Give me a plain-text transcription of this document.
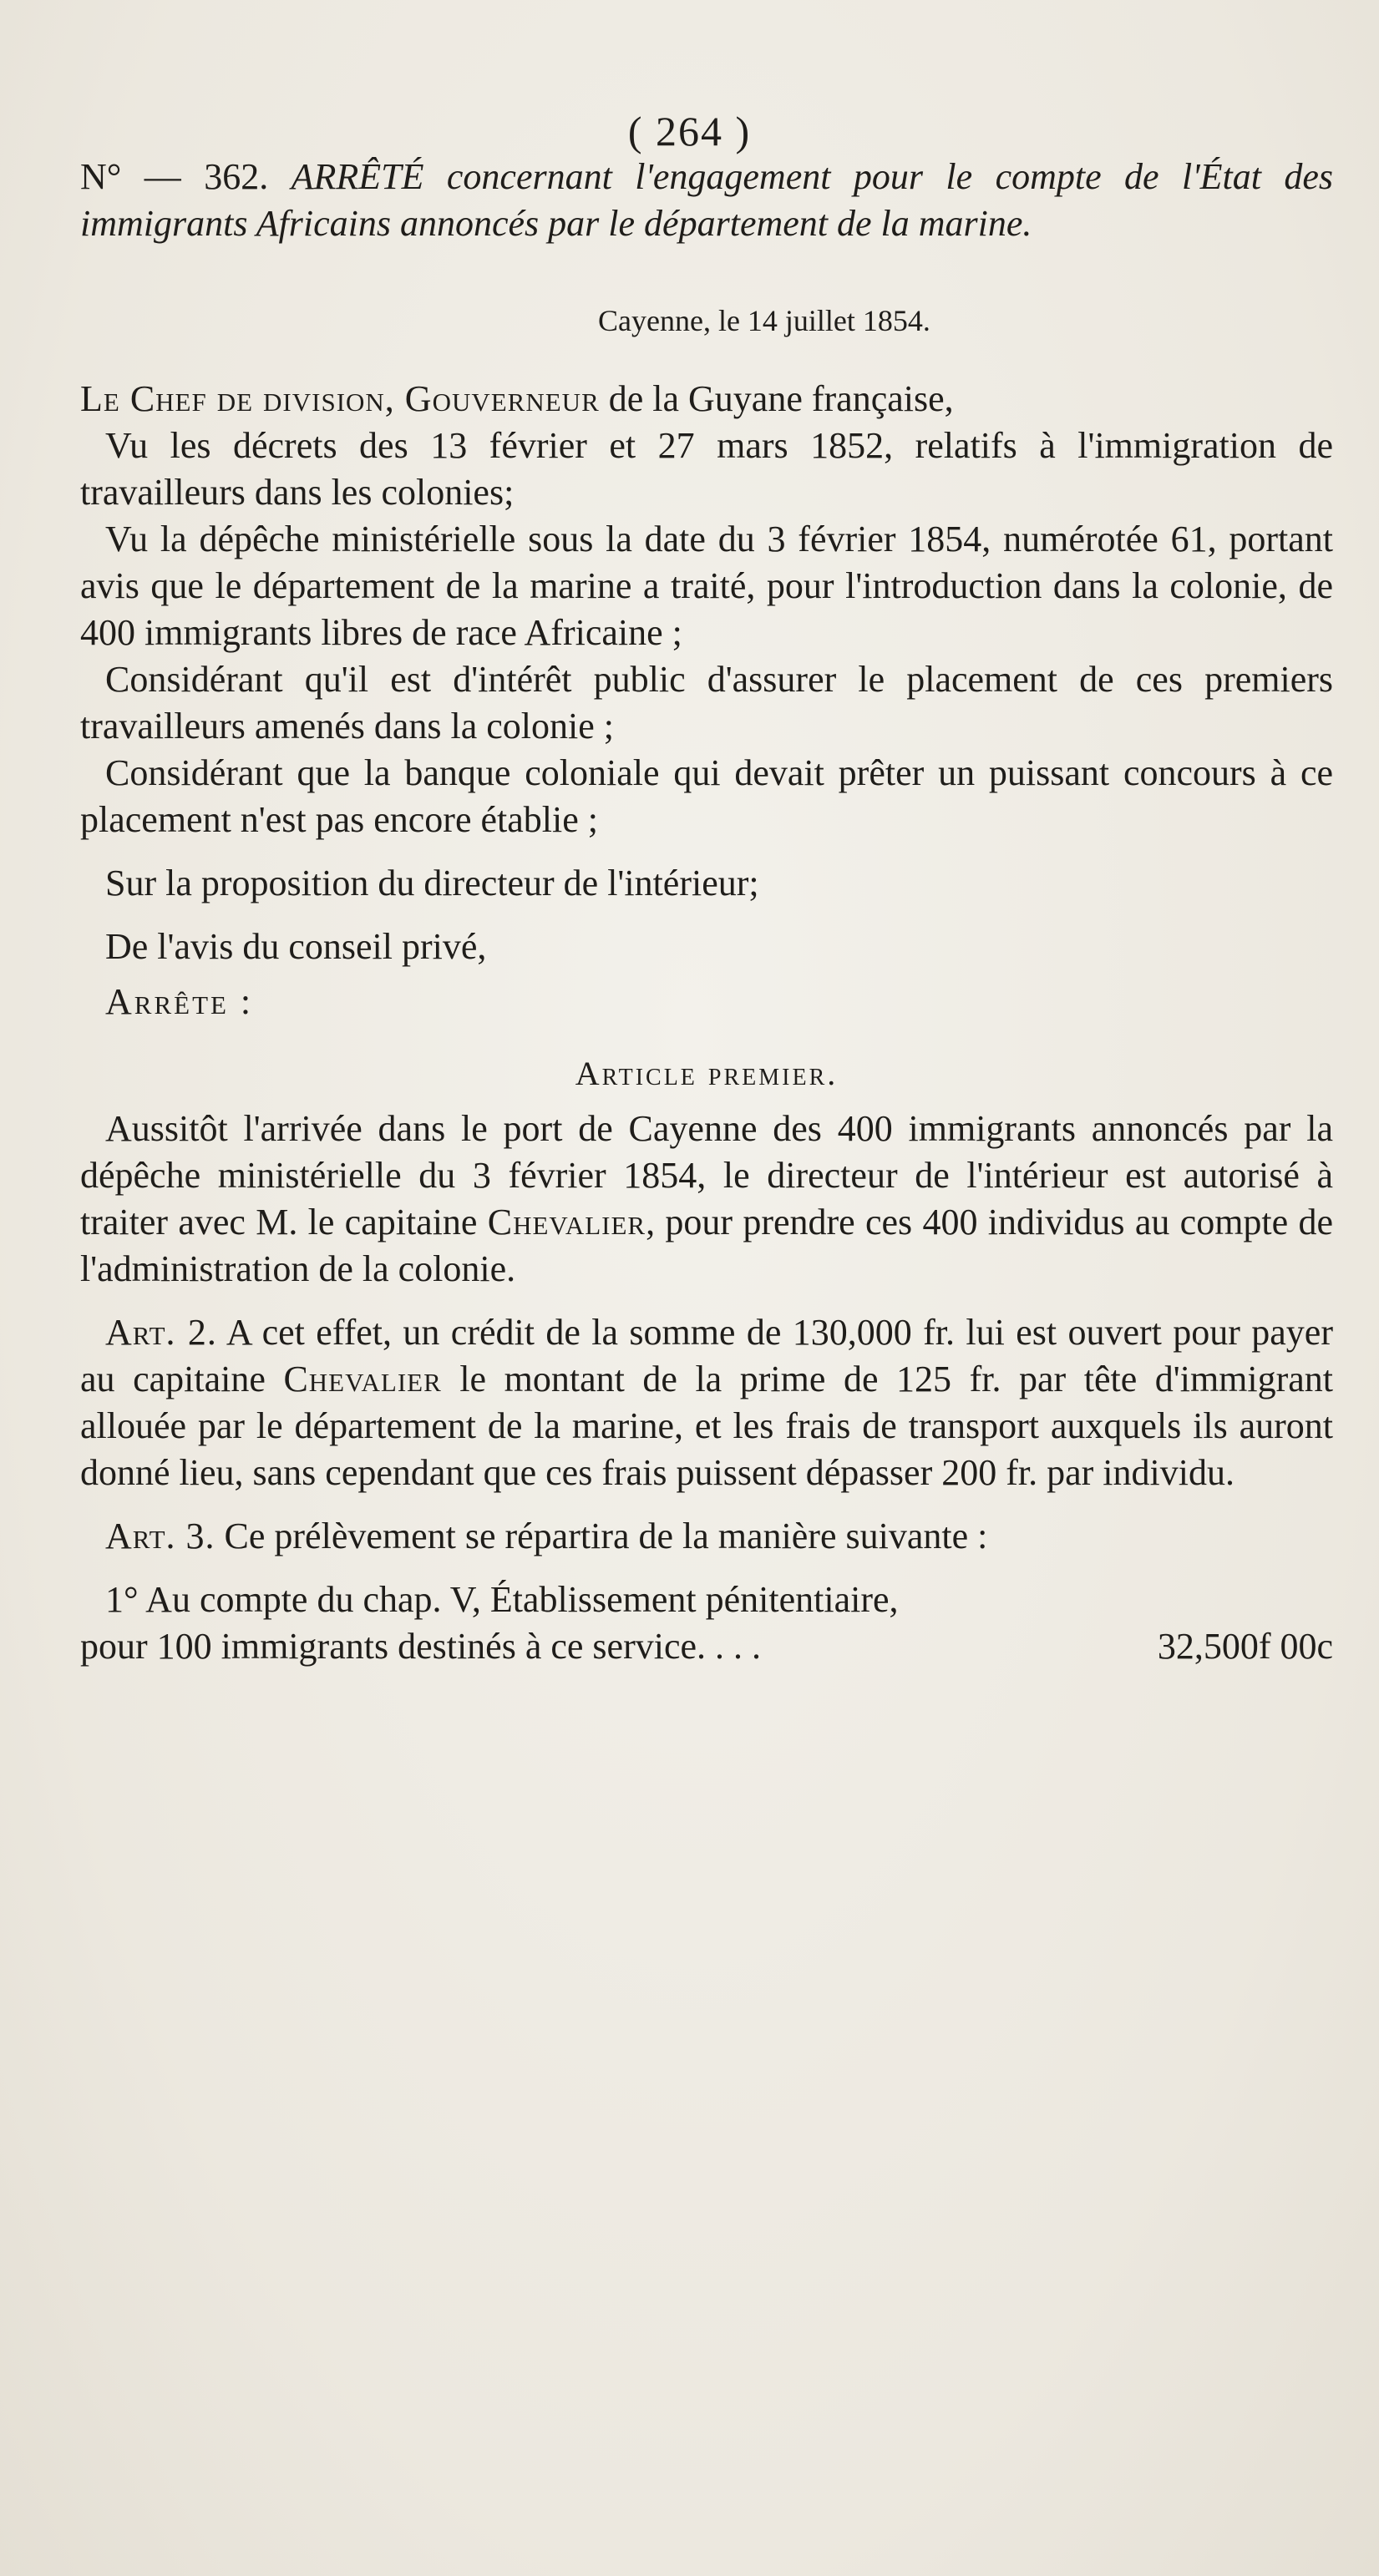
( 264 )
N° — 362. ARRÊTÉ concernant l'engagement pour le compte de l'État des immigrants Africains annoncés par le département de la marine.
Cayenne, le 14 juillet 1854.

Le Chef de division, Gouverneur de la Guyane française,

Vu les décrets des 13 février et 27 mars 1852, relatifs à l'immigration de travailleurs dans les colonies;

Vu la dépêche ministérielle sous la date du 3 février 1854, numérotée 61, portant avis que le département de la marine a traité, pour l'introduction dans la colonie, de 400 immigrants libres de race Africaine ;

Considérant qu'il est d'intérêt public d'assurer le placement de ces premiers travailleurs amenés dans la colonie ;

Considérant que la banque coloniale qui devait prêter un puissant concours à ce placement n'est pas encore établie ;

Sur la proposition du directeur de l'intérieur;

De l'avis du conseil privé,

Arrête :

Article premier.

Aussitôt l'arrivée dans le port de Cayenne des 400 immigrants annoncés par la dépêche ministérielle du 3 février 1854, le directeur de l'intérieur est autorisé à traiter avec M. le capitaine Chevalier, pour prendre ces 400 individus au compte de l'administration de la colonie.

Art. 2. A cet effet, un crédit de la somme de 130,000 fr. lui est ouvert pour payer au capitaine Chevalier le montant de la prime de 125 fr. par tête d'immigrant allouée par le département de la marine, et les frais de transport auxquels ils auront donné lieu, sans cependant que ces frais puissent dépasser 200 fr. par individu.

Art. 3. Ce prélèvement se répartira de la manière suivante :

1° Au compte du chap. V, Établissement pénitentiaire,

pour 100 immigrants destinés à ce service. . . .	32,500f 00c
